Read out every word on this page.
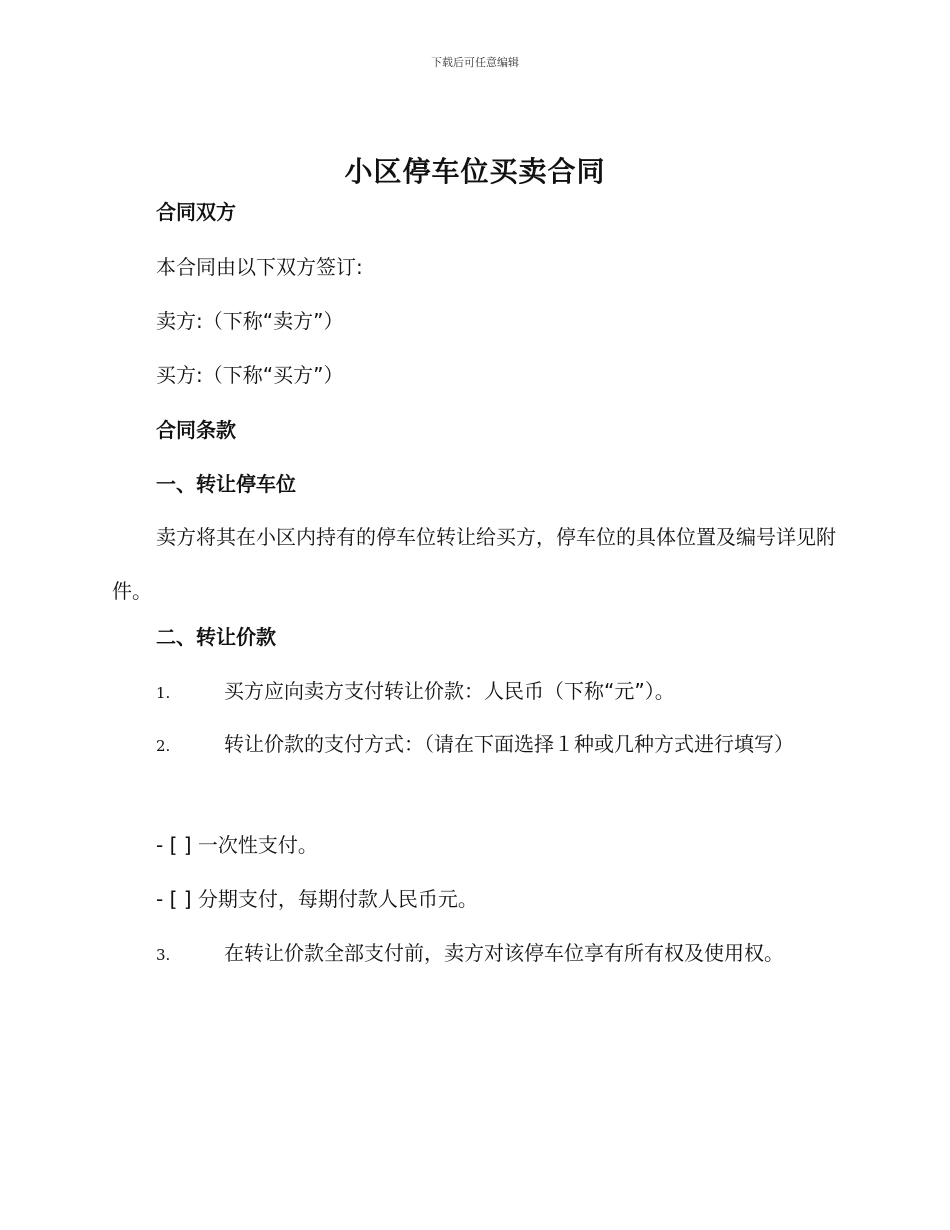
下载后可任意编辑
小区停车位买卖合同
合同双方
本合同由以下双方签订:
卖方:（下称“卖方”）
买方:（下称“买方”）
合同条款
一、转让停车位

卖方将其在小区内持有的停车位转让给买方，停车位的具体位置及编号详见附件。

二、转让价款
1.	买方应向卖方支付转让价款：人民币（下称“元”）。
2.	转让价款的支付方式：（请在下面选择１种或几种方式进行填写）
- [ ] 一次性支付。
- [ ] 分期支付，每期付款人民币元。
3.	在转让价款全部支付前，卖方对该停车位享有所有权及使用权。
